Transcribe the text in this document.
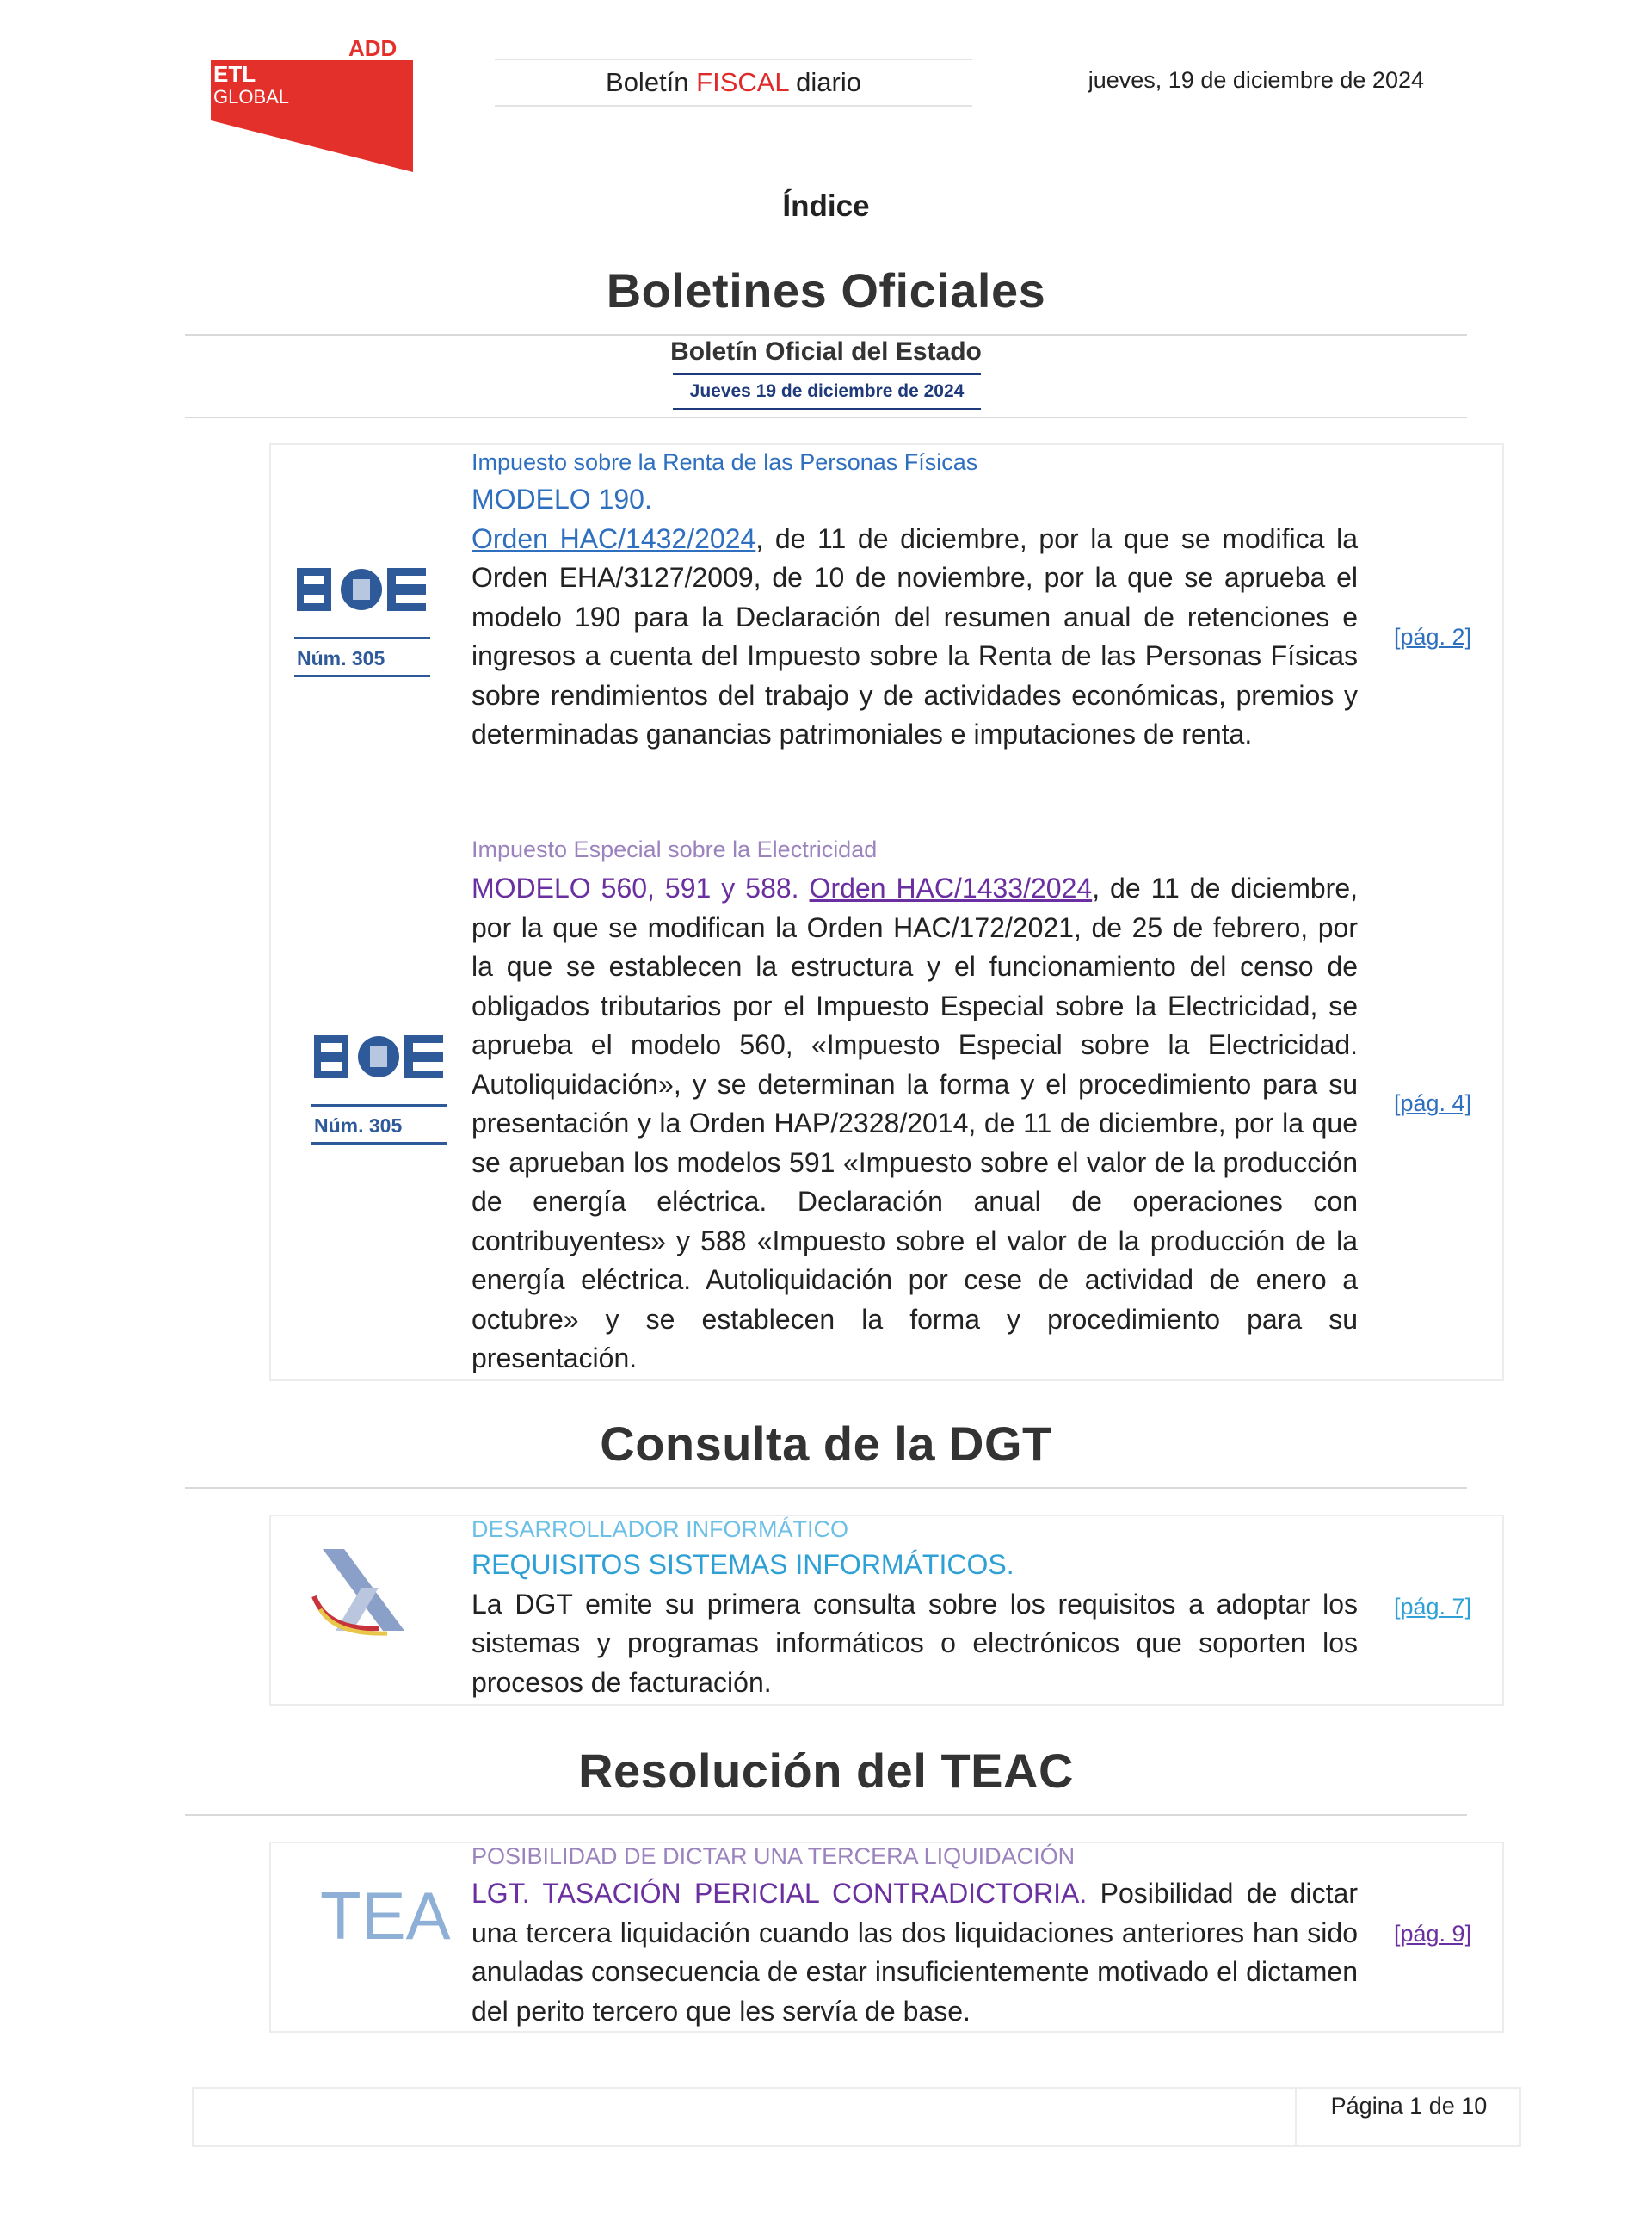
ADD
ETL
GLOBAL	Boletín FISCAL diario	jueves, 19 de diciembre de 2024
Índice
Boletines Oficiales
Boletín Oficial del Estado
Jueves 19 de diciembre de 2024
Núm. 305
Impuesto sobre la Renta de las Personas Físicas
MODELO 190.
Orden HAC/1432/2024, de 11 de diciembre, por la que se modifica la Orden EHA/3127/2009, de 10 de noviembre, por la que se aprueba el modelo 190 para la Declaración del resumen anual de retenciones e ingresos a cuenta del Impuesto sobre la Renta de las Personas Físicas sobre rendimientos del trabajo y de actividades económicas, premios y determinadas ganancias patrimoniales e imputaciones de renta.
[pág. 2]
Núm. 305
Impuesto Especial sobre la Electricidad
MODELO 560, 591 y 588. Orden HAC/1433/2024, de 11 de diciembre, por la que se modifican la Orden HAC/172/2021, de 25 de febrero, por la que se establecen la estructura y el funcionamiento del censo de obligados tributarios por el Impuesto Especial sobre la Electricidad, se aprueba el modelo 560, «Impuesto Especial sobre la Electricidad. Autoliquidación», y se determinan la forma y el procedimiento para su presentación y la Orden HAP/2328/2014, de 11 de diciembre, por la que se aprueban los modelos 591 «Impuesto sobre el valor de la producción de energía eléctrica. Declaración anual de operaciones con contribuyentes» y 588 «Impuesto sobre el valor de la producción de la energía eléctrica. Autoliquidación por cese de actividad de enero a octubre» y se establecen la forma y procedimiento para su presentación.
[pág. 4]
Consulta de la DGT
DESARROLLADOR INFORMÁTICO
REQUISITOS SISTEMAS INFORMÁTICOS.
La DGT emite su primera consulta sobre los requisitos a adoptar los sistemas y programas informáticos o electrónicos que soporten los procesos de facturación.
[pág. 7]
Resolución del TEAC
TEA
POSIBILIDAD DE DICTAR UNA TERCERA LIQUIDACIÓN
LGT. TASACIÓN PERICIAL CONTRADICTORIA. Posibilidad de dictar una tercera liquidación cuando las dos liquidaciones anteriores han sido anuladas consecuencia de estar insuficientemente motivado el dictamen del perito tercero que les servía de base.
[pág. 9]
Página 1 de 10
